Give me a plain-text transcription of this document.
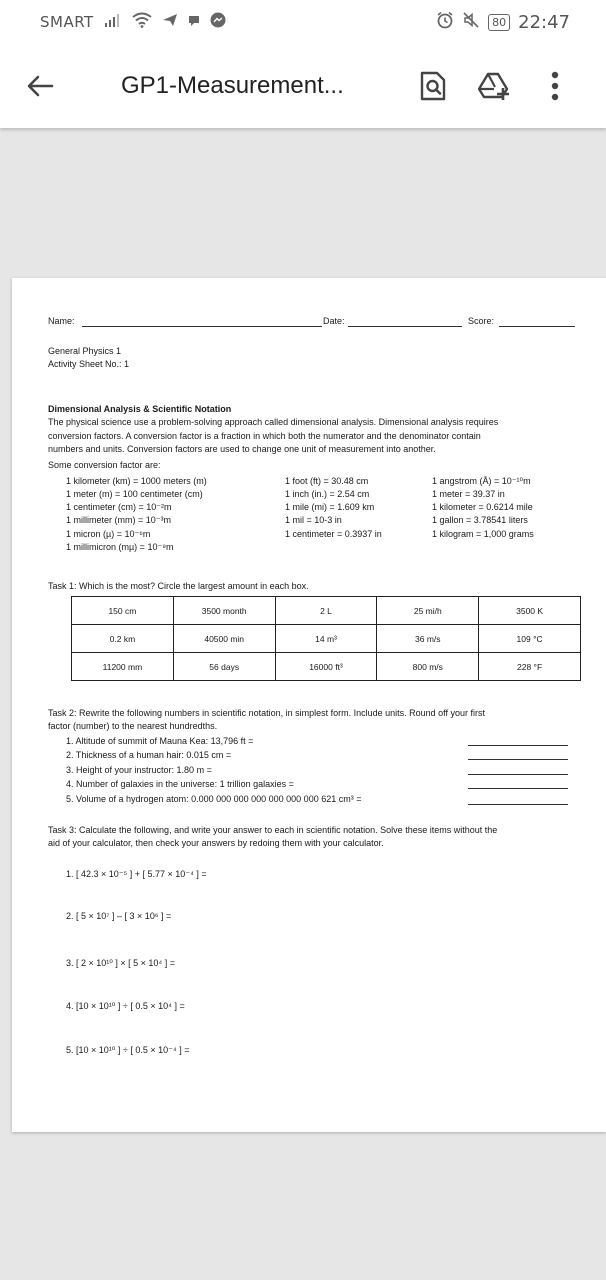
SMART	80 22:47
GP1-Measurement...
Name:	Date:	Score:
General Physics 1
Activity Sheet No.: 1
Dimensional Analysis & Scientific Notation
The physical science use a problem-solving approach called dimensional analysis. Dimensional analysis requires
conversion factors. A conversion factor is a fraction in which both the numerator and the denominator contain
numbers and units. Conversion factors are used to change one unit of measurement into another.
Some conversion factor are:
1 kilometer (km) = 1000 meters (m)
1 meter (m) = 100 centimeter (cm)
1 centimeter (cm) = 10⁻²m
1 millimeter (mm) = 10⁻³m
1 micron (µ) = 10⁻⁶m
1 millimicron (mµ) = 10⁻⁹m
1 foot (ft) = 30.48 cm
1 inch (in.) = 2.54 cm
1 mile (mi) = 1.609 km
1 mil = 10-3 in
1 centimeter = 0.3937 in
1 angstrom (Å) = 10⁻¹⁰m
1 meter = 39.37 in
1 kilometer = 0.6214 mile
1 gallon = 3.78541 liters
1 kilogram = 1,000 grams
Task 1: Which is the most? Circle the largest amount in each box.
150 cm	3500 month	2 L	25 mi/h	3500 K
0.2 km	40500 min	14 m³	36 m/s	109 °C
11200 mm	56 days	16000 ft³	800 m/s	228 °F
Task 2: Rewrite the following numbers in scientific notation, in simplest form. Include units. Round off your first
factor (number) to the nearest hundredths.
1. Altitude of summit of Mauna Kea: 13,796 ft =
2. Thickness of a human hair: 0.015 cm =
3. Height of your instructor: 1.80 m =
4. Number of galaxies in the universe: 1 trillion galaxies =
5. Volume of a hydrogen atom: 0.000 000 000 000 000 000 000 621 cm³ =
Task 3: Calculate the following, and write your answer to each in scientific notation. Solve these items without the
aid of your calculator, then check your answers by redoing them with your calculator.
1. [ 42.3 × 10⁻⁵ ] + [ 5.77 × 10⁻⁴ ] =
2. [ 5 × 10⁷ ] – [ 3 × 10⁶ ] =
3. [ 2 × 10¹⁰ ] × [ 5 × 10⁴ ] =
4. [10 × 10¹⁰ ] ÷ [ 0.5 × 10⁴ ] =
5. [10 × 10¹⁰ ] ÷ [ 0.5 × 10⁻⁴ ] =
